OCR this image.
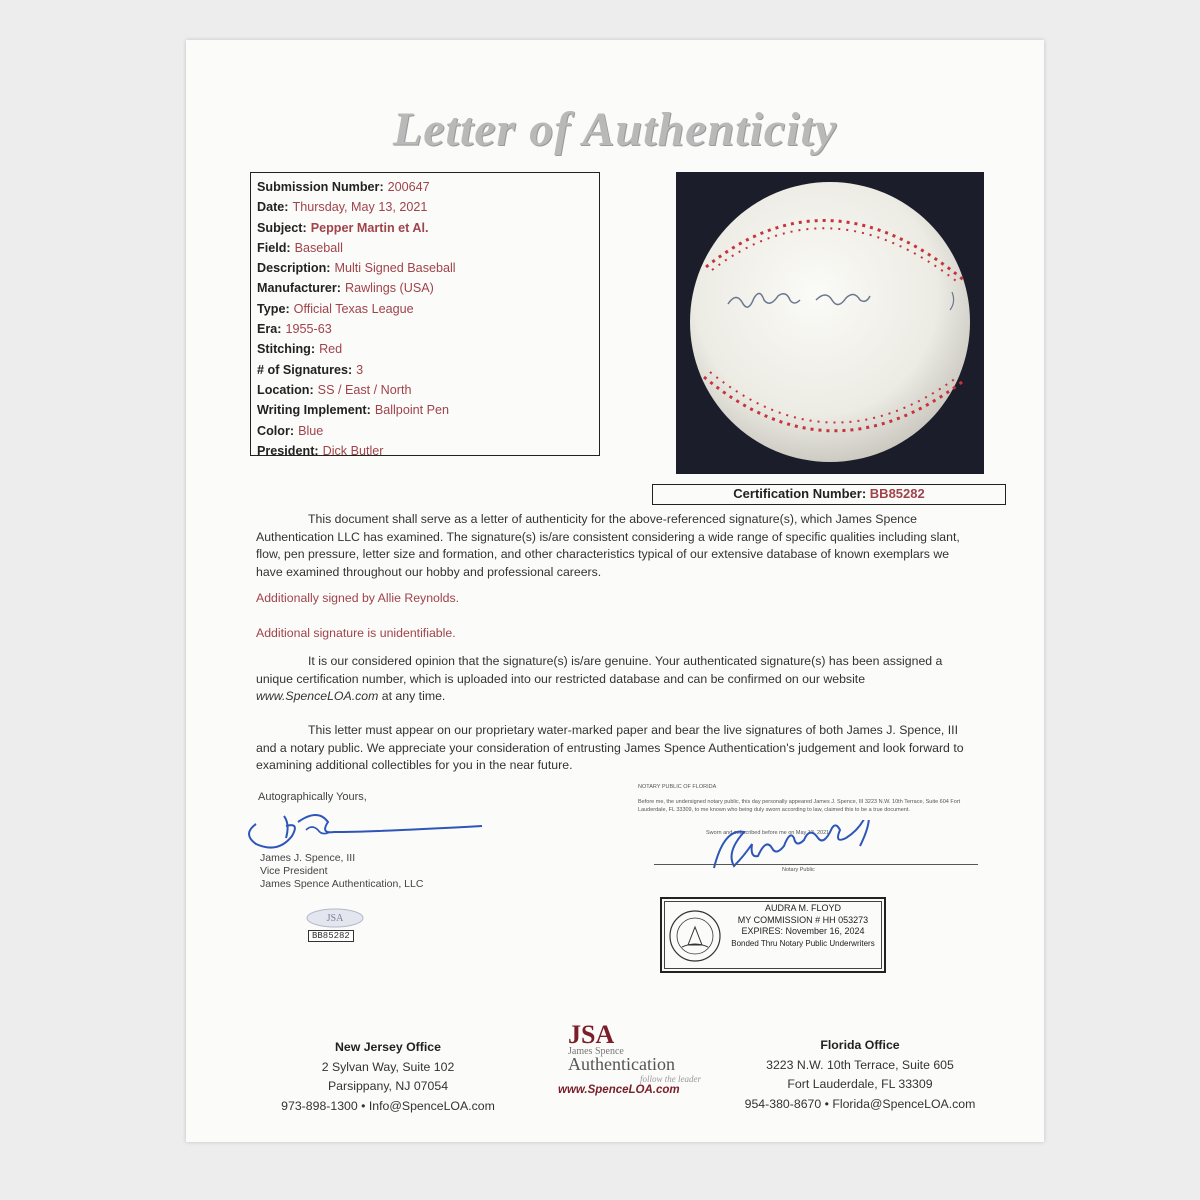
Letter of Authenticity
Submission Number: 200647
Date: Thursday, May 13, 2021
Subject: Pepper Martin et Al.
Field: Baseball
Description: Multi Signed Baseball
Manufacturer: Rawlings (USA)
Type: Official Texas League
Era: 1955-63
Stitching: Red
# of Signatures: 3
Location: SS / East / North
Writing Implement: Ballpoint Pen
Color: Blue
President: Dick Butler
Certification Number: BB85282
This document shall serve as a letter of authenticity for the above-referenced signature(s), which James Spence Authentication LLC has examined. The signature(s) is/are consistent considering a wide range of specific qualities including slant, flow, pen pressure, letter size and formation, and other characteristics typical of our extensive database of known exemplars we have examined throughout our hobby and professional careers.
Additionally signed by Allie Reynolds.
Additional signature is unidentifiable.
It is our considered opinion that the signature(s) is/are genuine. Your authenticated signature(s) has been assigned a unique certification number, which is uploaded into our restricted database and can be confirmed on our website www.SpenceLOA.com at any time.
This letter must appear on our proprietary water-marked paper and bear the live signatures of both James J. Spence, III and a notary public. We appreciate your consideration of entrusting James Spence Authentication's judgement and look forward to examining additional collectibles for you in the near future.
Autographically Yours,
James J. Spence, III
Vice President
James Spence Authentication, LLC
JSA
BB85282
NOTARY PUBLIC OF FLORIDA
Before me, the undersigned notary public, this day personally appeared James J. Spence, III 3223 N.W. 10th Terrace, Suite 604 Fort Lauderdale, FL 33309, to me known who being duly sworn according to law, claimed this to be a true document.
Sworn and subscribed before me on May 13, 2021
Notary Public
AUDRA M. FLOYD
MY COMMISSION # HH 053273
EXPIRES: November 16, 2024
Bonded Thru Notary Public Underwriters
New Jersey Office
2 Sylvan Way, Suite 102
Parsippany, NJ 07054
973-898-1300 • Info@SpenceLOA.com
JSA
James Spence
Authentication
follow the leader
www.SpenceLOA.com
Florida Office
3223 N.W. 10th Terrace, Suite 605
Fort Lauderdale, FL 33309
954-380-8670 • Florida@SpenceLOA.com
